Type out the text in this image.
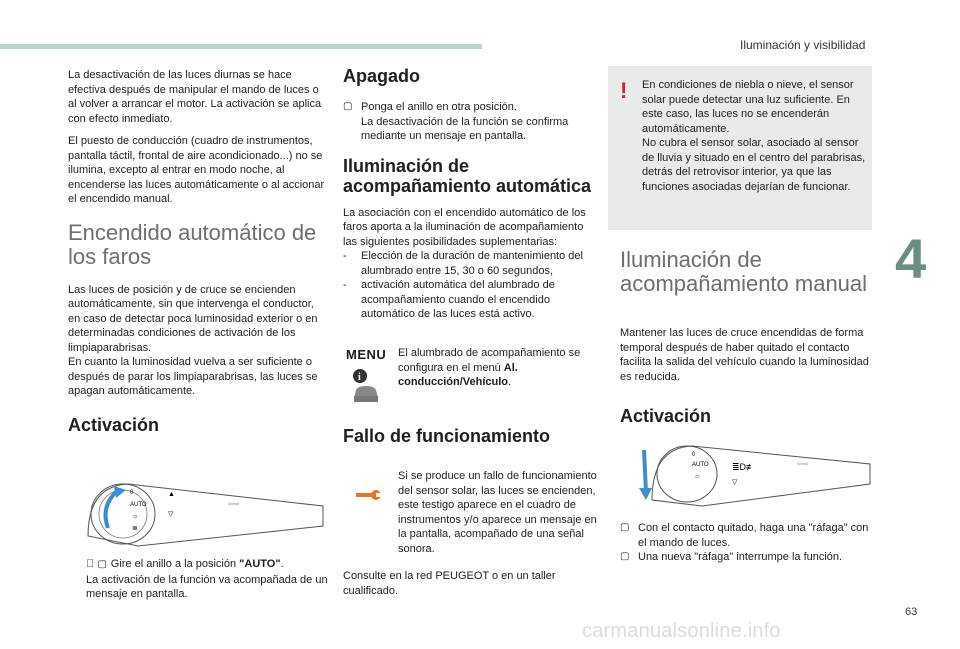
Iluminación y visibilidad
4
63
carmanualsonline.info

La desactivación de las luces diurnas se hace efectiva después de manipular el mando de luces o al volver a arrancar el motor. La activación se aplica con efecto inmediato.

El puesto de conducción (cuadro de instrumentos, pantalla táctil, frontal de aire acondicionado...) no se ilumina, excepto al entrar en modo noche, al encenderse las luces automáticamente o al accionar el encendido manual.

Encendido automático de los faros

Las luces de posición y de cruce se encienden automáticamente, sin que intervenga el conductor, en caso de detectar poca luminosidad exterior o en determinadas condiciones de activación de los limpiaparabrisas.

En cuanto la luminosidad vuelva a ser suficiente o después de parar los limpiaparabrisas, las luces se apagan automáticamente.

Activación
0
AUTO
☼
≣
▲
▽
⇦⇨

▢ Gire el anillo a la posición "AUTO".

La activación de la función va acompañada de un mensaje en pantalla.

Apagado

▢ Ponga el anillo en otra posición.

La desactivación de la función se confirma mediante un mensaje en pantalla.

Iluminación de acompañamiento automática

La asociación con el encendido automático de los faros aporta a la iluminación de acompañamiento las siguientes posibilidades suplementarias:

- Elección de la duración de mantenimiento del alumbrado entre 15, 30 o 60 segundos,

- activación automática del alumbrado de acompañamiento cuando el encendido automático de las luces está activo.

MENU
i

El alumbrado de acompañamiento se configura en el menú Al. conducción/Vehículo.

Fallo de funcionamiento

Si se produce un fallo de funcionamiento del sensor solar, las luces se encienden, este testigo aparece en el cuadro de instrumentos y/o aparece un mensaje en la pantalla, acompañado de una señal sonora.

Consulte en la red PEUGEOT o en un taller cualificado.

! En condiciones de niebla o nieve, el sensor solar puede detectar una luz suficiente. En este caso, las luces no se encenderán automáticamente.

No cubra el sensor solar, asociado al sensor de lluvia y situado en el centro del parabrisas, detrás del retrovisor interior, ya que las funciones asociadas dejarían de funcionar.

Iluminación de acompañamiento manual

Mantener las luces de cruce encendidas de forma temporal después de haber quitado el contacto facilita la salida del vehículo cuando la luminosidad es reducida.

Activación
0
AUTO
☼
≣D≢
▽
⇦⇨

▢ Con el contacto quitado, haga una "ráfaga" con el mando de luces.

▢ Una nueva "ráfaga" interrumpe la función.
